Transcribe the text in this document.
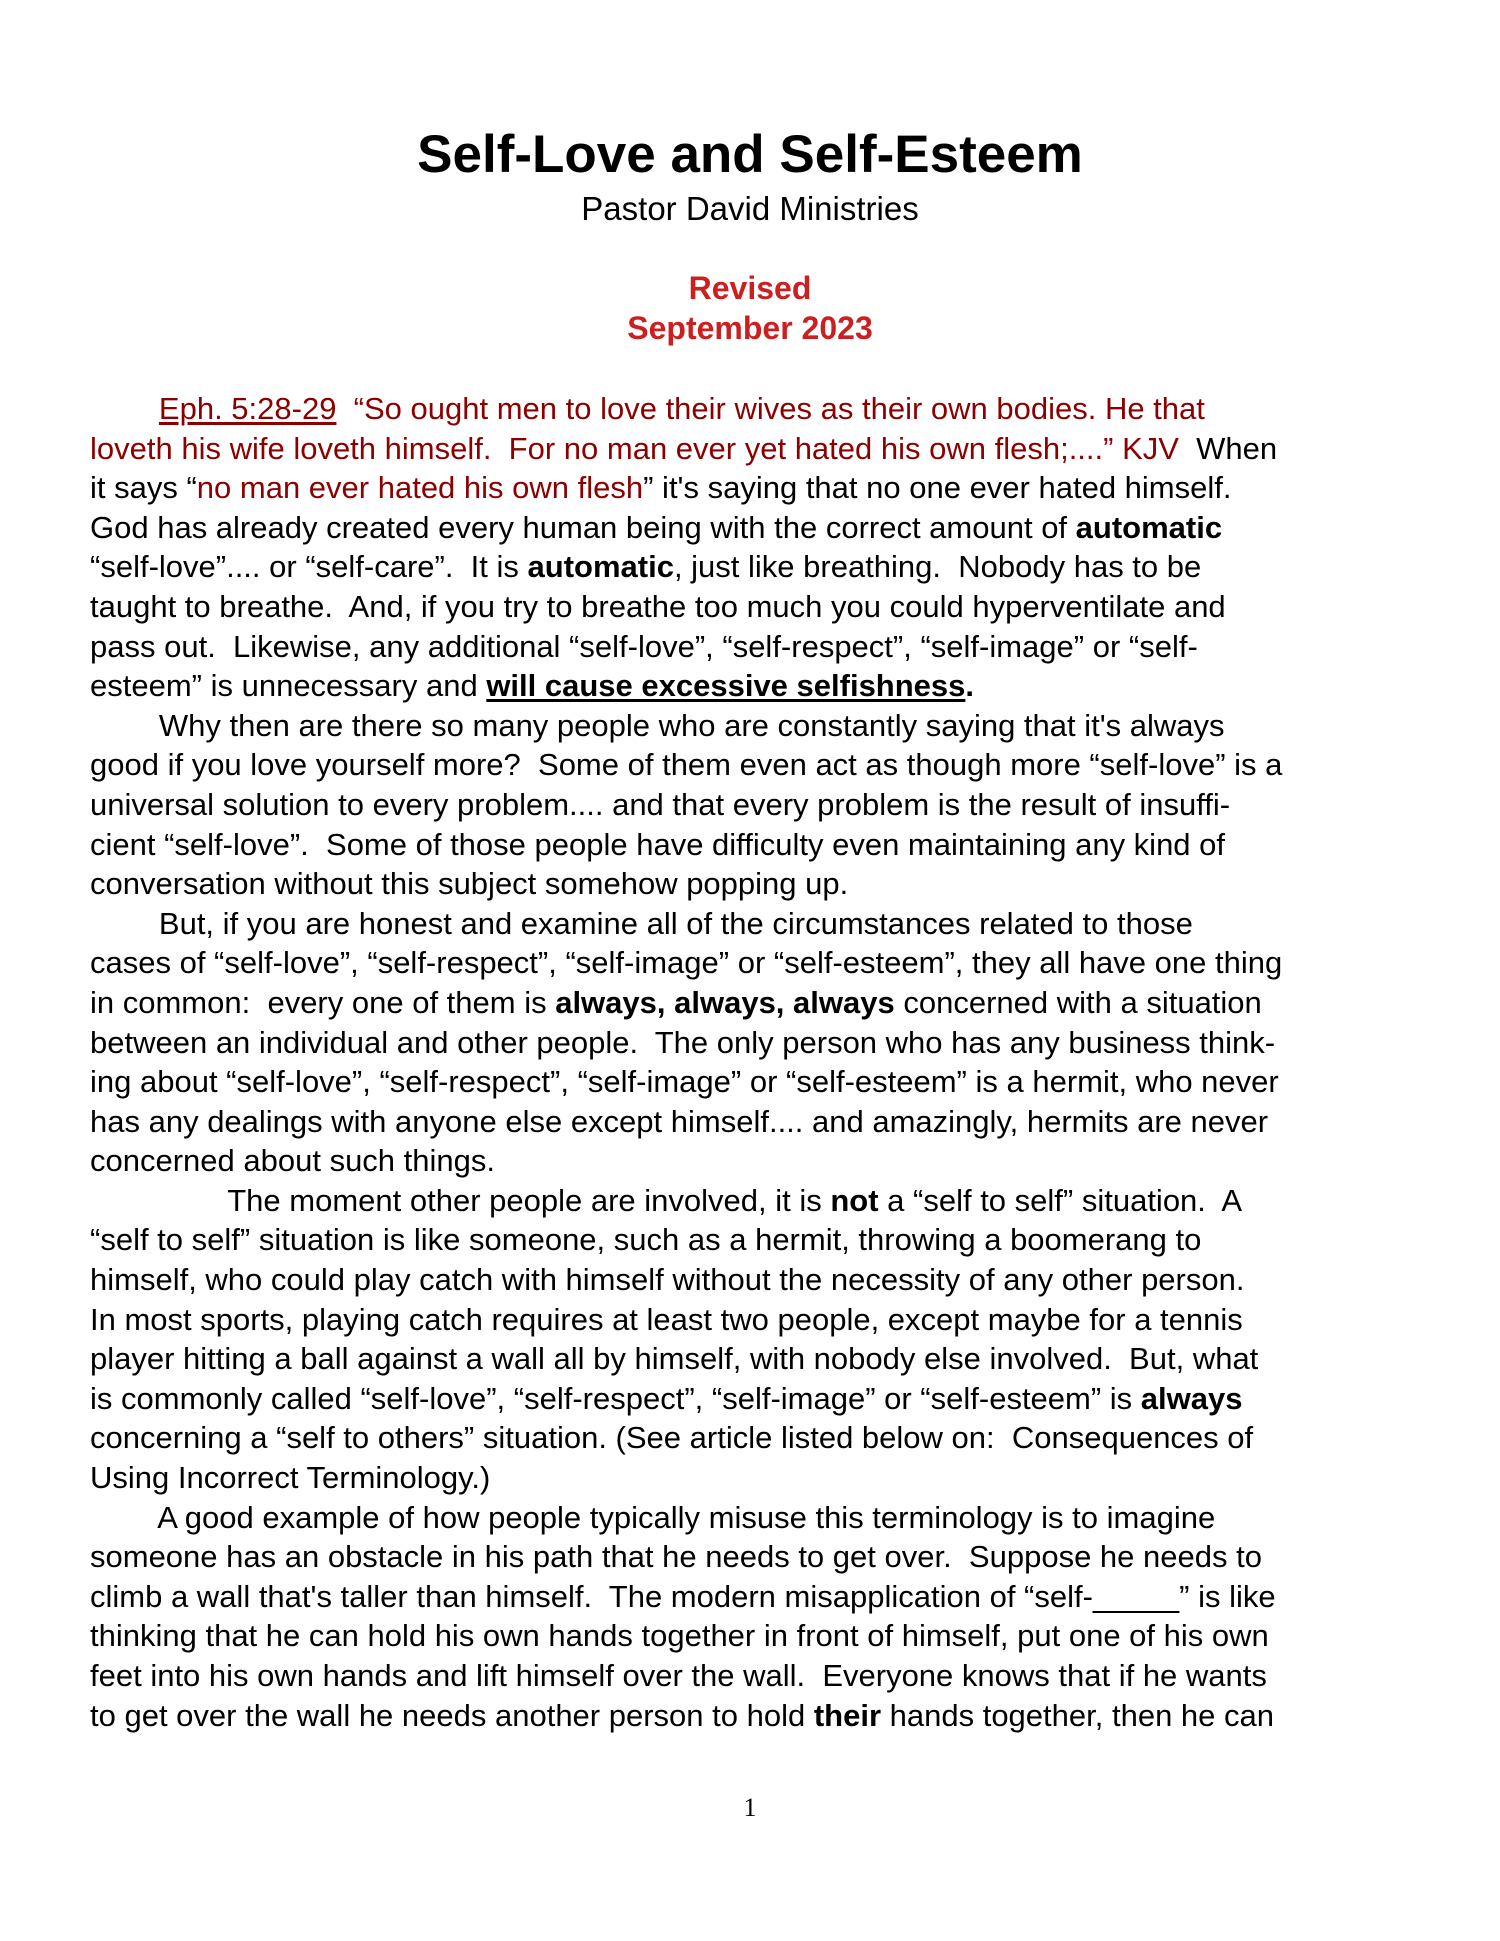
Self-Love and Self-Esteem
Pastor David Ministries
Revised
September 2023
Eph. 5:28-29  “So ought men to love their wives as their own bodies. He that
loveth his wife loveth himself.  For no man ever yet hated his own flesh;....” KJV  When
it says “no man ever hated his own flesh” it's saying that no one ever hated himself.
God has already created every human being with the correct amount of automatic
“self-love”.... or “self-care”.  It is automatic, just like breathing.  Nobody has to be
taught to breathe.  And, if you try to breathe too much you could hyperventilate and
pass out.  Likewise, any additional “self-love”, “self-respect”, “self-image” or “self-
esteem” is unnecessary and will cause excessive selfishness.
Why then are there so many people who are constantly saying that it's always
good if you love yourself more?  Some of them even act as though more “self-love” is a
universal solution to every problem.... and that every problem is the result of insuffi-
cient “self-love”.  Some of those people have difficulty even maintaining any kind of
conversation without this subject somehow popping up.
But, if you are honest and examine all of the circumstances related to those
cases of “self-love”, “self-respect”, “self-image” or “self-esteem”, they all have one thing
in common:  every one of them is always, always, always concerned with a situation
between an individual and other people.  The only person who has any business think-
ing about “self-love”, “self-respect”, “self-image” or “self-esteem” is a hermit, who never
has any dealings with anyone else except himself.... and amazingly, hermits are never
concerned about such things.
The moment other people are involved, it is not a “self to self” situation.  A
“self to self” situation is like someone, such as a hermit, throwing a boomerang to
himself, who could play catch with himself without the necessity of any other person.
In most sports, playing catch requires at least two people, except maybe for a tennis
player hitting a ball against a wall all by himself, with nobody else involved.  But, what
is commonly called “self-love”, “self-respect”, “self-image” or “self-esteem” is always
concerning a “self to others” situation. (See article listed below on:  Consequences of
Using Incorrect Terminology.)
A good example of how people typically misuse this terminology is to imagine
someone has an obstacle in his path that he needs to get over.  Suppose he needs to
climb a wall that's taller than himself.  The modern misapplication of “self-_____” is like
thinking that he can hold his own hands together in front of himself, put one of his own
feet into his own hands and lift himself over the wall.  Everyone knows that if he wants
to get over the wall he needs another person to hold their hands together, then he can
1
